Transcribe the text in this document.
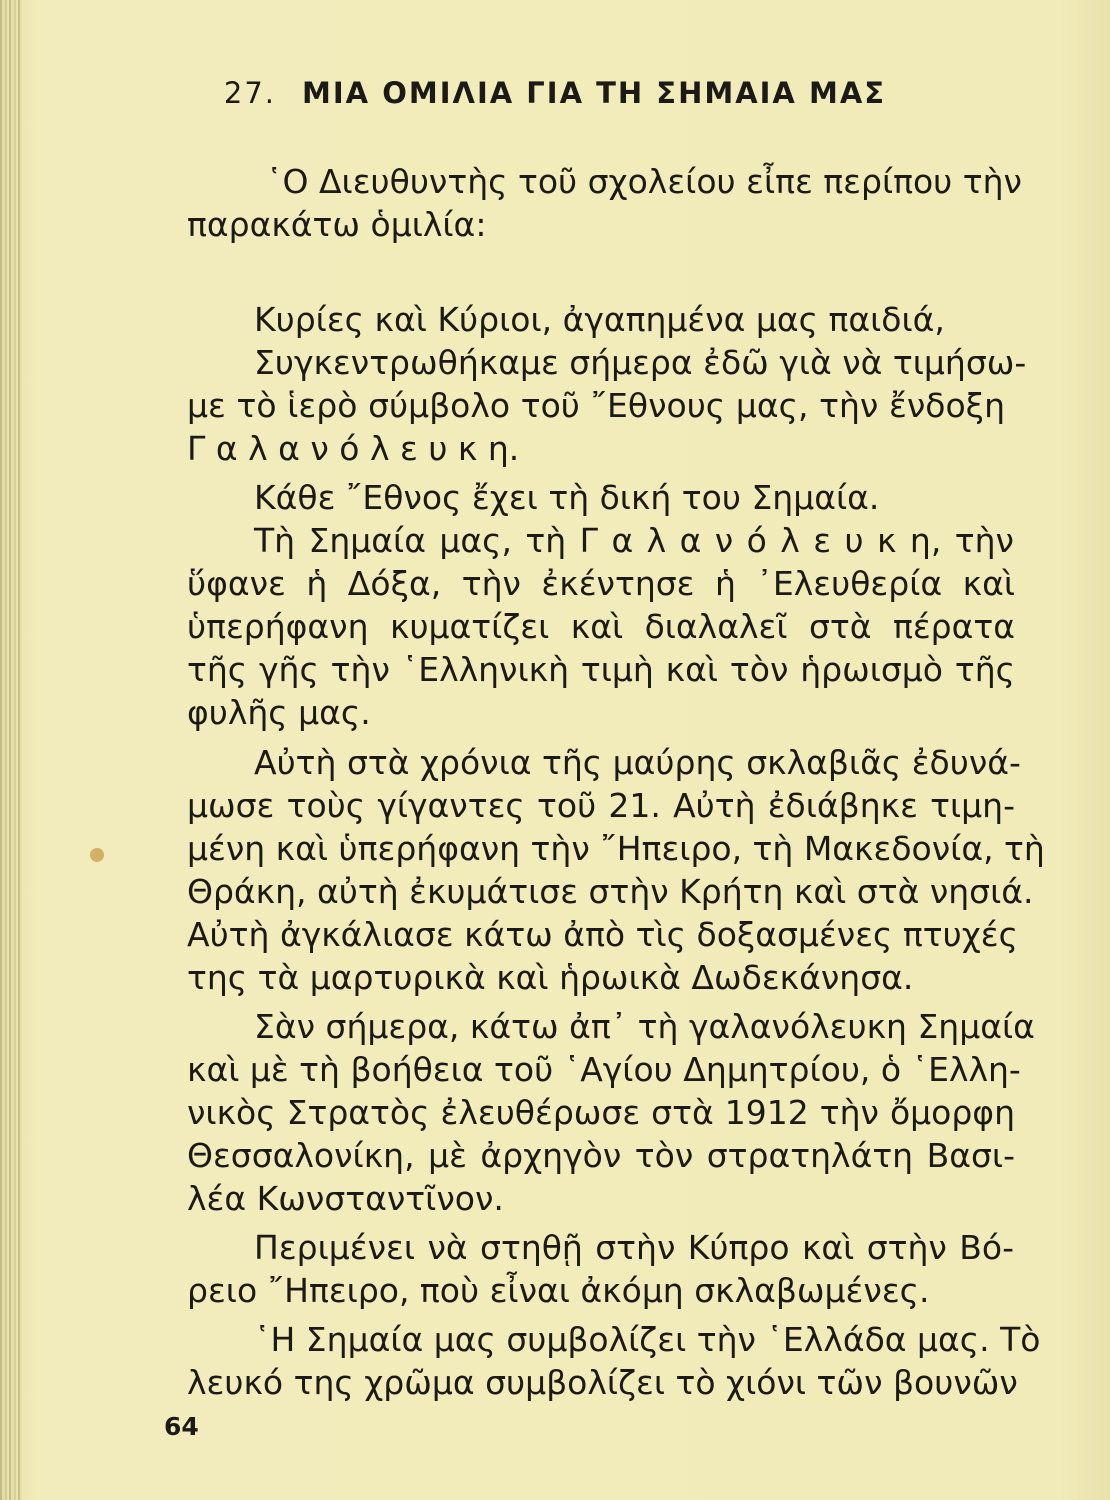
27. ΜΙΑ ΟΜΙΛΙΑ ΓΙΑ ΤΗ ΣΗΜΑΙΑ ΜΑΣ
῾Ο Διευθυντὴς τοῦ σχολείου εἶπε περίπου τὴν
παρακάτω ὁμιλία:
Κυρίες καὶ Κύριοι, ἀγαπημένα μας παιδιά,
Συγκεντρωθήκαμε σήμερα ἐδῶ γιὰ νὰ τιμήσω-
με τὸ ἱερὸ σύμβολο τοῦ ῎Εθνους μας, τὴν ἔνδοξη
Γ α λ α ν ό λ ε υ κ η.
Κάθε ῎Εθνος ἔχει τὴ δική του Σημαία.
Τὴ Σημαία μας, τὴ Γ α λ α ν ό λ ε υ κ η, τὴν
ὕφανε ἡ Δόξα, τὴν ἐκέντησε ἡ ᾿Ελευθερία καὶ
ὑπερήφανη κυματίζει καὶ διαλαλεῖ στὰ πέρατα
τῆς γῆς τὴν ῾Ελληνικὴ τιμὴ καὶ τὸν ἡρωισμὸ τῆς
φυλῆς μας.
Αὐτὴ στὰ χρόνια τῆς μαύρης σκλαβιᾶς ἐδυνά-
μωσε τοὺς γίγαντες τοῦ 21. Αὐτὴ ἐδιάβηκε τιμη-
μένη καὶ ὑπερήφανη τὴν ῎Ηπειρο, τὴ Μακεδονία, τὴ
Θράκη, αὐτὴ ἐκυμάτισε στὴν Κρήτη καὶ στὰ νησιά.
Αὐτὴ ἀγκάλιασε κάτω ἀπὸ τὶς δοξασμένες πτυχές
της τὰ μαρτυρικὰ καὶ ἡρωικὰ Δωδεκάνησα.
Σὰν σήμερα, κάτω ἀπ᾿ τὴ γαλανόλευκη Σημαία
καὶ μὲ τὴ βοήθεια τοῦ ῾Αγίου Δημητρίου, ὁ ῾Ελλη-
νικὸς Στρατὸς ἐλευθέρωσε στὰ 1912 τὴν ὄμορφη
Θεσσαλονίκη, μὲ ἀρχηγὸν τὸν στρατηλάτη Βασι-
λέα Κωνσταντῖνον.
Περιμένει νὰ στηθῇ στὴν Κύπρο καὶ στὴν Βό-
ρειο ῎Ηπειρο, ποὺ εἶναι ἀκόμη σκλαβωμένες.
῾Η Σημαία μας συμβολίζει τὴν ῾Ελλάδα μας. Τὸ
λευκό της χρῶμα συμβολίζει τὸ χιόνι τῶν βουνῶν
64
